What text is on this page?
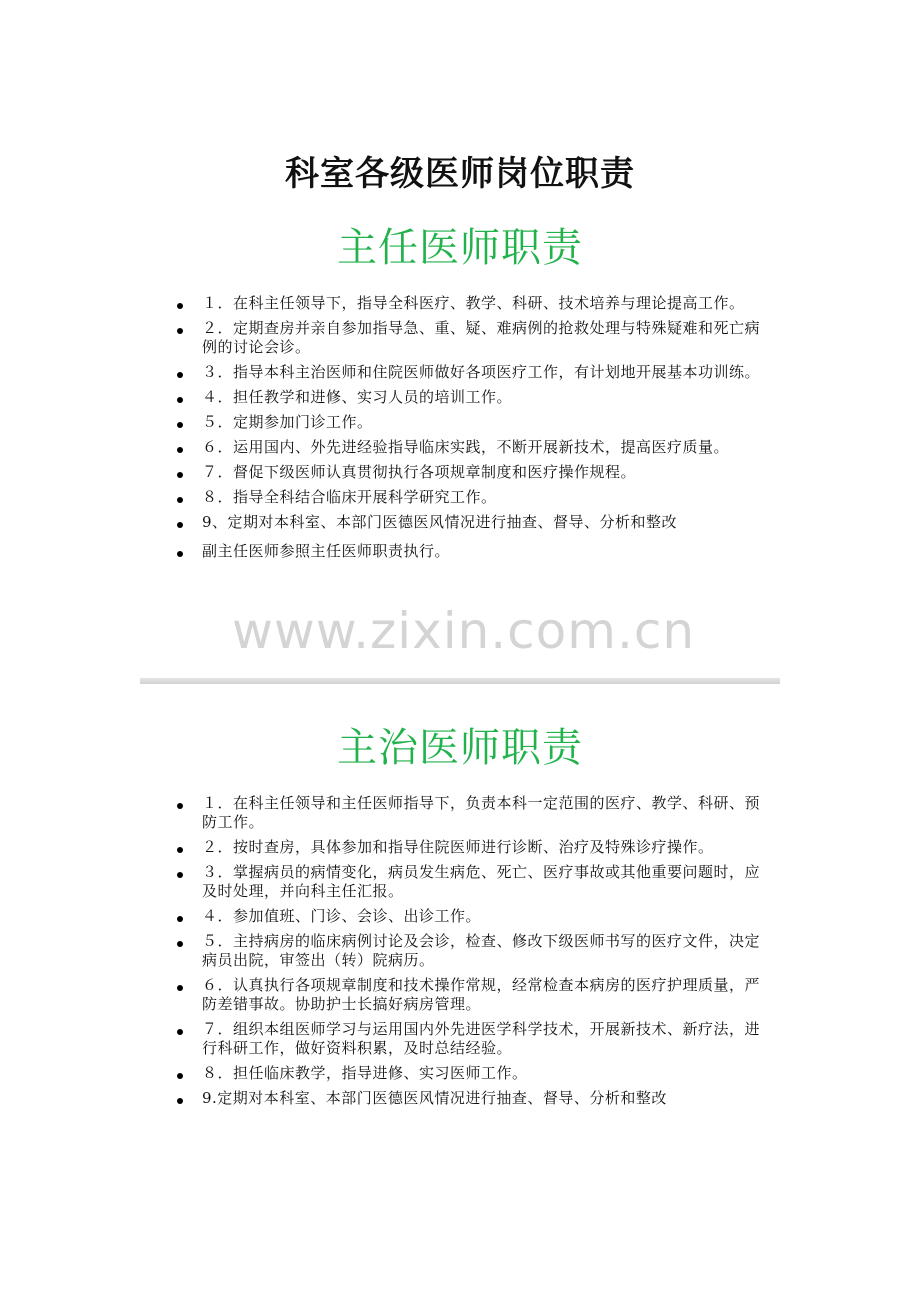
科室各级医师岗位职责
主任医师职责
１．在科主任领导下，指导全科医疗、教学、科研、技术培养与理论提高工作。
２．定期查房并亲自参加指导急、重、疑、难病例的抢救处理与特殊疑难和死亡病例的讨论会诊。
３．指导本科主治医师和住院医师做好各项医疗工作，有计划地开展基本功训练。
４．担任教学和进修、实习人员的培训工作。
５．定期参加门诊工作。
６．运用国内、外先进经验指导临床实践，不断开展新技术，提高医疗质量。
７．督促下级医师认真贯彻执行各项规章制度和医疗操作规程。
８．指导全科结合临床开展科学研究工作。
9、定期对本科室、本部门医德医风情况进行抽查、督导、分析和整改
副主任医师参照主任医师职责执行。
www.zixin.com.cn
主治医师职责
１．在科主任领导和主任医师指导下，负责本科一定范围的医疗、教学、科研、预防工作。
２．按时查房，具体参加和指导住院医师进行诊断、治疗及特殊诊疗操作。
３．掌握病员的病情变化，病员发生病危、死亡、医疗事故或其他重要问题时，应及时处理，并向科主任汇报。
４．参加值班、门诊、会诊、出诊工作。
５．主持病房的临床病例讨论及会诊，检查、修改下级医师书写的医疗文件，决定病员出院，审签出（转）院病历。
６．认真执行各项规章制度和技术操作常规，经常检查本病房的医疗护理质量，严防差错事故。协助护士长搞好病房管理。
７．组织本组医师学习与运用国内外先进医学科学技术，开展新技术、新疗法，进行科研工作，做好资料积累，及时总结经验。
８．担任临床教学，指导进修、实习医师工作。
9.定期对本科室、本部门医德医风情况进行抽查、督导、分析和整改
